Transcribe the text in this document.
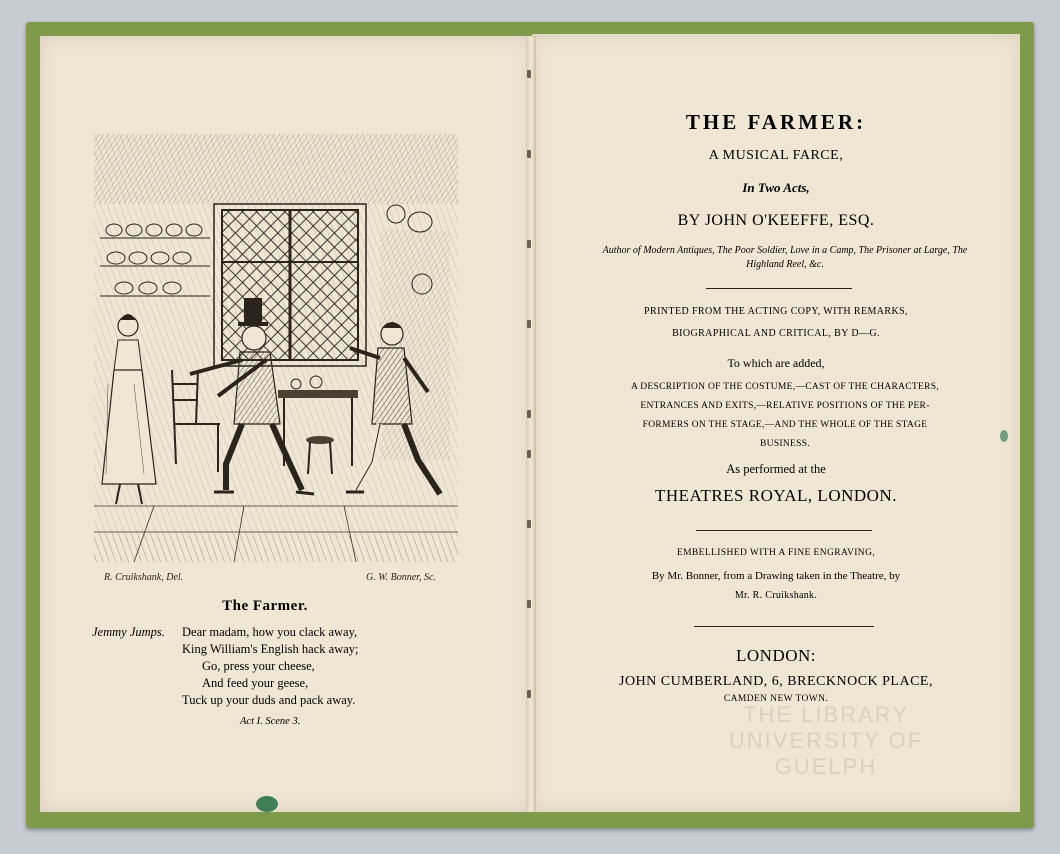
R. Cruikshank, Del.	G. W. Bonner, Sc.
The Farmer.
Jemmy Jumps. Dear madam, how you clack away,
King William's English hack away;
Go, press your cheese,
And feed your geese,
Tuck up your duds and pack away.
Act I. Scene 3.	THE LIBRARY UNIVERSITY OF GUELPH
THE FARMER:
A MUSICAL FARCE,
In Two Acts,
BY JOHN O'KEEFFE, ESQ.
Author of Modern Antiques, The Poor Soldier, Love in a Camp, The Prisoner at Large, The Highland Reel, &c.
PRINTED FROM THE ACTING COPY, WITH REMARKS,
BIOGRAPHICAL AND CRITICAL, BY D—G.
To which are added,
A DESCRIPTION OF THE COSTUME,—CAST OF THE CHARACTERS,
ENTRANCES AND EXITS,—RELATIVE POSITIONS OF THE PER-
FORMERS ON THE STAGE,—AND THE WHOLE OF THE STAGE
BUSINESS.
As performed at the
THEATRES ROYAL, LONDON.
EMBELLISHED WITH A FINE ENGRAVING,
By Mr. Bonner, from a Drawing taken in the Theatre, by
Mr. R. Cruikshank.
LONDON:
JOHN CUMBERLAND, 6, BRECKNOCK PLACE,
CAMDEN NEW TOWN.
